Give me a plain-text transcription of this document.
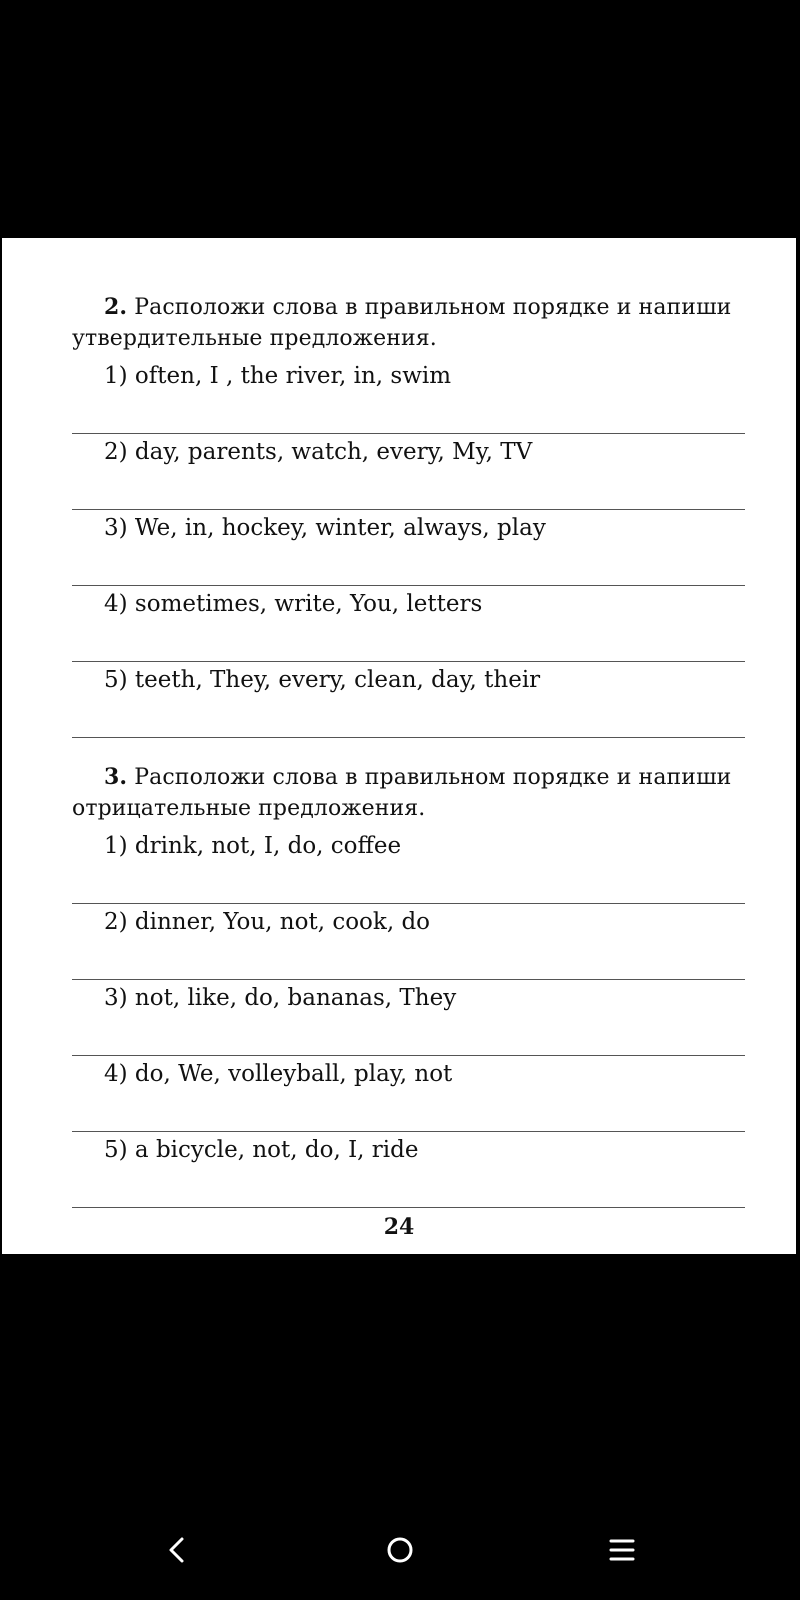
2. Расположи слова в правильном порядке и напиши утвердительные предложения.

1) often, I , the river, in, swim
2) day, parents, watch, every, My, TV
3) We, in, hockey, winter, always, play
4) sometimes, write, You, letters
5) teeth, They, every, clean, day, their

3. Расположи слова в правильном порядке и напиши отрицательные предложения.

1) drink, not, I, do, coffee
2) dinner, You, not, cook, do
3) not, like, do, bananas, They
4) do, We, volleyball, play, not
5) a bicycle, not, do, I, ride
24
